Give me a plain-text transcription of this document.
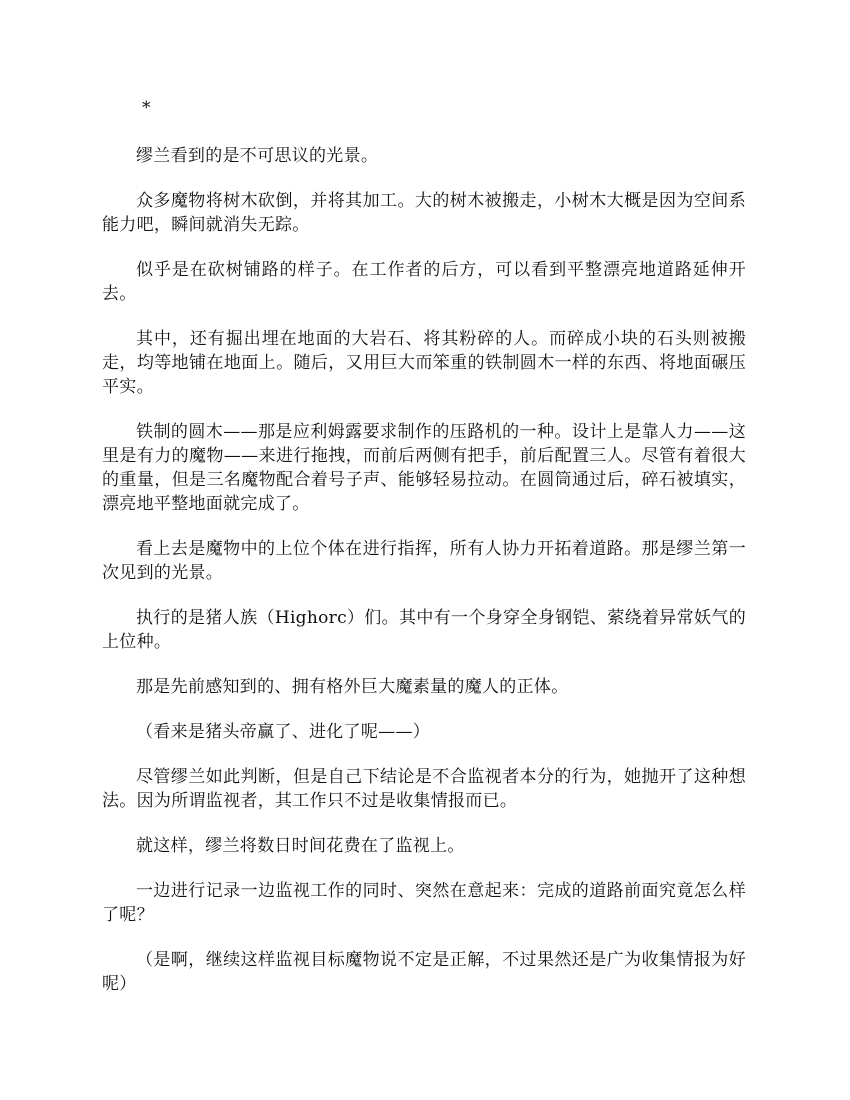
*

缪兰看到的是不可思议的光景。

众多魔物将树木砍倒，并将其加工。大的树木被搬走，小树木大概是因为空间系能力吧，瞬间就消失无踪。

似乎是在砍树铺路的样子。在工作者的后方，可以看到平整漂亮地道路延伸开去。

其中，还有掘出埋在地面的大岩石、将其粉碎的人。而碎成小块的石头则被搬走，均等地铺在地面上。随后，又用巨大而笨重的铁制圆木一样的东西、将地面碾压平实。

铁制的圆木——那是应利姆露要求制作的压路机的一种。设计上是靠人力——这里是有力的魔物——来进行拖拽，而前后两侧有把手，前后配置三人。尽管有着很大的重量，但是三名魔物配合着号子声、能够轻易拉动。在圆筒通过后，碎石被填实，漂亮地平整地面就完成了。

看上去是魔物中的上位个体在进行指挥，所有人协力开拓着道路。那是缪兰第一次见到的光景。

执行的是猪人族（Highorc）们。其中有一个身穿全身钢铠、萦绕着异常妖气的上位种。

那是先前感知到的、拥有格外巨大魔素量的魔人的正体。

（看来是猪头帝赢了、进化了呢——）

尽管缪兰如此判断，但是自己下结论是不合监视者本分的行为，她抛开了这种想法。因为所谓监视者，其工作只不过是收集情报而已。

就这样，缪兰将数日时间花费在了监视上。

一边进行记录一边监视工作的同时、突然在意起来：完成的道路前面究竟怎么样了呢？

（是啊，继续这样监视目标魔物说不定是正解，不过果然还是广为收集情报为好呢）
